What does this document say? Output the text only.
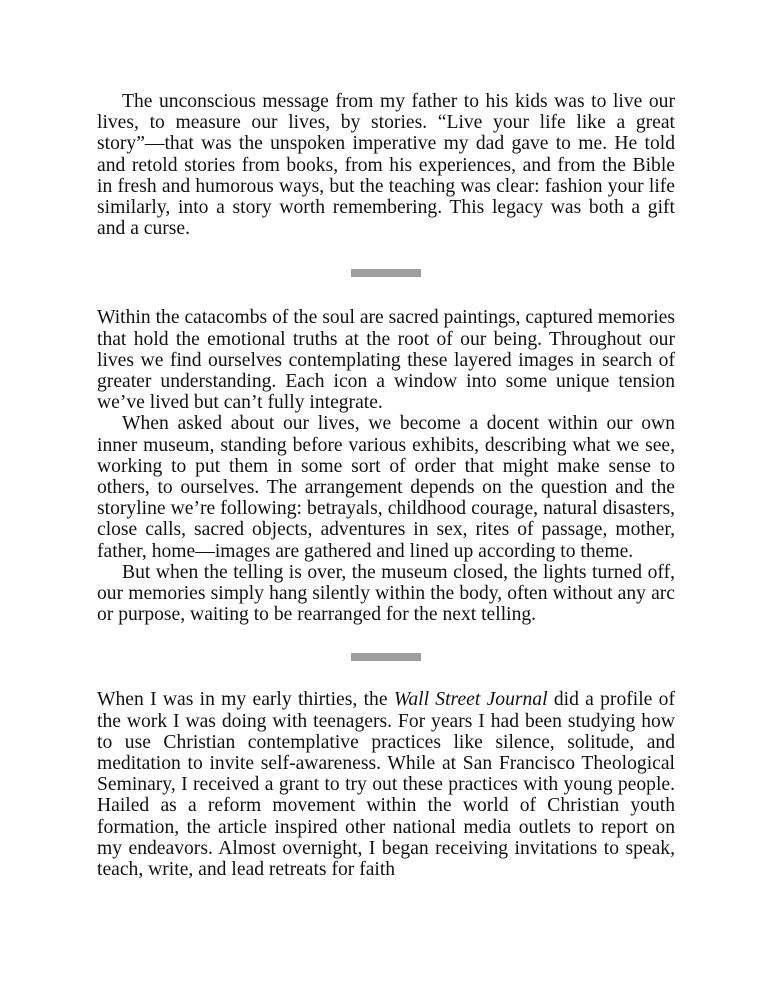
The unconscious message from my father to his kids was to live our lives, to measure our lives, by stories. “Live your life like a great story”—that was the unspoken imperative my dad gave to me. He told and retold stories from books, from his experiences, and from the Bible in fresh and humorous ways, but the teaching was clear: fashion your life similarly, into a story worth remembering. This legacy was both a gift and a curse.

Within the catacombs of the soul are sacred paintings, captured memories that hold the emotional truths at the root of our being. Throughout our lives we find ourselves contemplating these layered images in search of greater understanding. Each icon a window into some unique tension we’ve lived but can’t fully integrate.

When asked about our lives, we become a docent within our own inner museum, standing before various exhibits, describing what we see, working to put them in some sort of order that might make sense to others, to ourselves. The arrangement depends on the question and the storyline we’re following: betrayals, childhood courage, natural disasters, close calls, sacred objects, adventures in sex, rites of passage, mother, father, home—images are gathered and lined up according to theme.

But when the telling is over, the museum closed, the lights turned off, our memories simply hang silently within the body, often without any arc or purpose, waiting to be rearranged for the next telling.

When I was in my early thirties, the Wall Street Journal did a profile of the work I was doing with teenagers. For years I had been studying how to use Christian contemplative practices like silence, solitude, and meditation to invite self-awareness. While at San Francisco Theological Seminary, I received a grant to try out these practices with young people. Hailed as a reform movement within the world of Christian youth formation, the article inspired other national media outlets to report on my endeavors. Almost overnight, I began receiving invitations to speak, teach, write, and lead retreats for faith
